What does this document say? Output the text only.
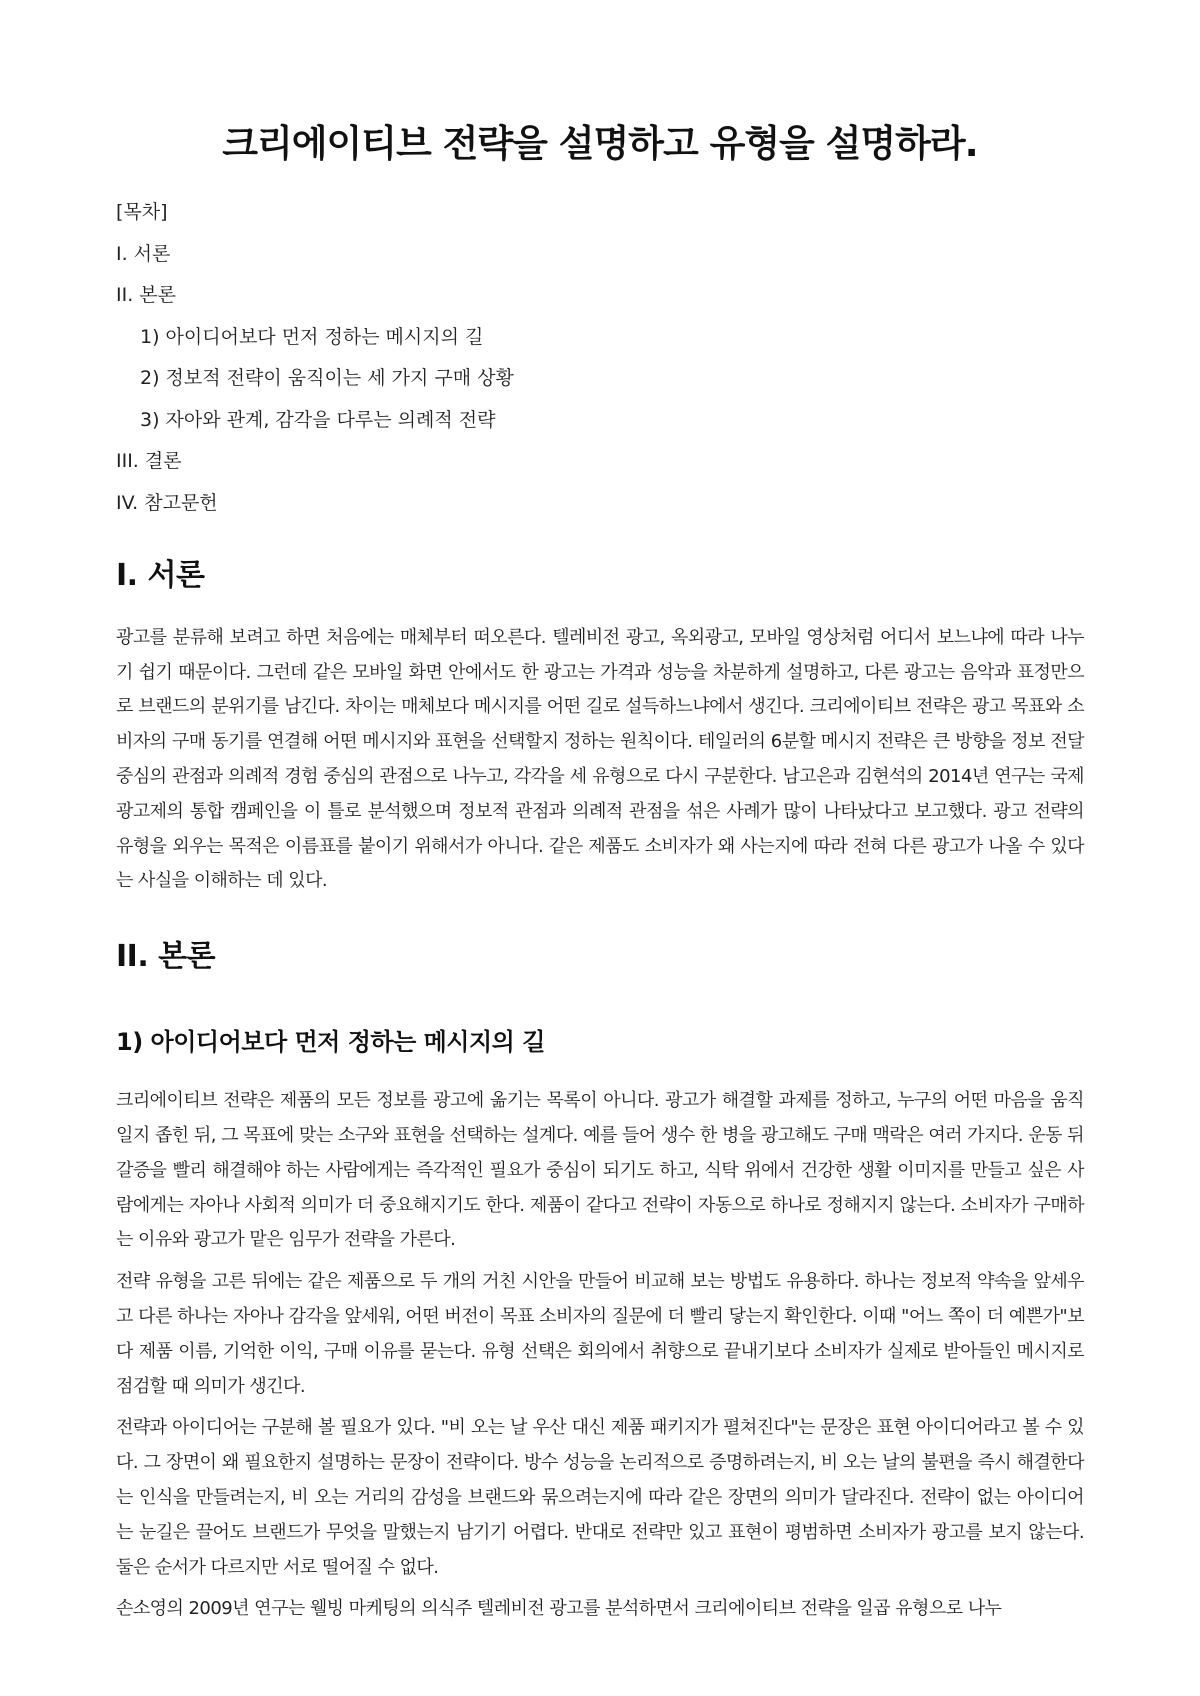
크리에이티브 전략을 설명하고 유형을 설명하라.
[목차]
I. 서론
II. 본론
1) 아이디어보다 먼저 정하는 메시지의 길
2) 정보적 전략이 움직이는 세 가지 구매 상황
3) 자아와 관계, 감각을 다루는 의례적 전략
III. 결론
IV. 참고문헌
I. 서론

광고를 분류해 보려고 하면 처음에는 매체부터 떠오른다. 텔레비전 광고, 옥외광고, 모바일 영상처럼 어디서 보느냐에 따라 나누기 쉽기 때문이다. 그런데 같은 모바일 화면 안에서도 한 광고는 가격과 성능을 차분하게 설명하고, 다른 광고는 음악과 표정만으로 브랜드의 분위기를 남긴다. 차이는 매체보다 메시지를 어떤 길로 설득하느냐에서 생긴다. 크리에이티브 전략은 광고 목표와 소비자의 구매 동기를 연결해 어떤 메시지와 표현을 선택할지 정하는 원칙이다. 테일러의 6분할 메시지 전략은 큰 방향을 정보 전달 중심의 관점과 의례적 경험 중심의 관점으로 나누고, 각각을 세 유형으로 다시 구분한다. 남고은과 김현석의 2014년 연구는 국제광고제의 통합 캠페인을 이 틀로 분석했으며 정보적 관점과 의례적 관점을 섞은 사례가 많이 나타났다고 보고했다. 광고 전략의 유형을 외우는 목적은 이름표를 붙이기 위해서가 아니다. 같은 제품도 소비자가 왜 사는지에 따라 전혀 다른 광고가 나올 수 있다는 사실을 이해하는 데 있다.

II. 본론
1) 아이디어보다 먼저 정하는 메시지의 길

크리에이티브 전략은 제품의 모든 정보를 광고에 옮기는 목록이 아니다. 광고가 해결할 과제를 정하고, 누구의 어떤 마음을 움직일지 좁힌 뒤, 그 목표에 맞는 소구와 표현을 선택하는 설계다. 예를 들어 생수 한 병을 광고해도 구매 맥락은 여러 가지다. 운동 뒤 갈증을 빨리 해결해야 하는 사람에게는 즉각적인 필요가 중심이 되기도 하고, 식탁 위에서 건강한 생활 이미지를 만들고 싶은 사람에게는 자아나 사회적 의미가 더 중요해지기도 한다. 제품이 같다고 전략이 자동으로 하나로 정해지지 않는다. 소비자가 구매하는 이유와 광고가 맡은 임무가 전략을 가른다.

전략 유형을 고른 뒤에는 같은 제품으로 두 개의 거친 시안을 만들어 비교해 보는 방법도 유용하다. 하나는 정보적 약속을 앞세우고 다른 하나는 자아나 감각을 앞세워, 어떤 버전이 목표 소비자의 질문에 더 빨리 닿는지 확인한다. 이때 "어느 쪽이 더 예쁜가"보다 제품 이름, 기억한 이익, 구매 이유를 묻는다. 유형 선택은 회의에서 취향으로 끝내기보다 소비자가 실제로 받아들인 메시지로 점검할 때 의미가 생긴다.

전략과 아이디어는 구분해 볼 필요가 있다. "비 오는 날 우산 대신 제품 패키지가 펼쳐진다"는 문장은 표현 아이디어라고 볼 수 있다. 그 장면이 왜 필요한지 설명하는 문장이 전략이다. 방수 성능을 논리적으로 증명하려는지, 비 오는 날의 불편을 즉시 해결한다는 인식을 만들려는지, 비 오는 거리의 감성을 브랜드와 묶으려는지에 따라 같은 장면의 의미가 달라진다. 전략이 없는 아이디어는 눈길은 끌어도 브랜드가 무엇을 말했는지 남기기 어렵다. 반대로 전략만 있고 표현이 평범하면 소비자가 광고를 보지 않는다. 둘은 순서가 다르지만 서로 떨어질 수 없다.

손소영의 2009년 연구는 웰빙 마케팅의 의식주 텔레비전 광고를 분석하면서 크리에이티브 전략을 일곱 유형으로 나누
